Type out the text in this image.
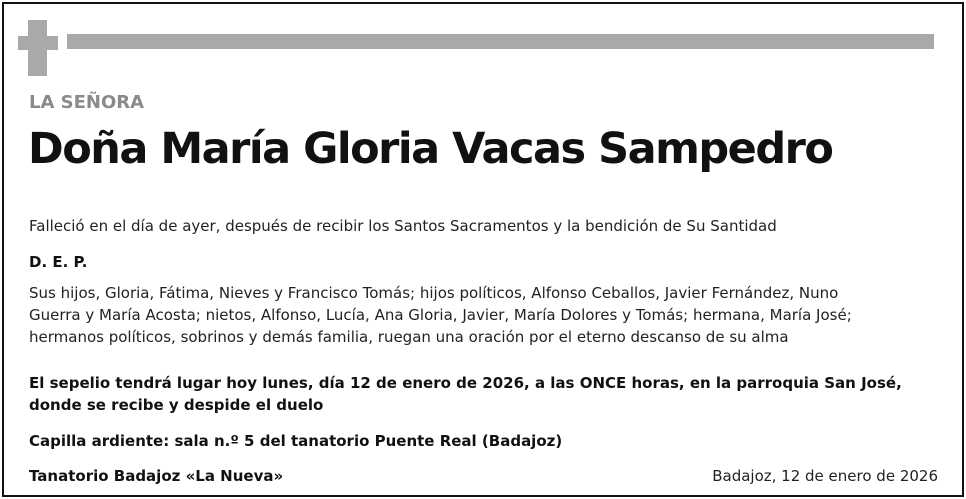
LA SEÑORA
Doña María Gloria Vacas Sampedro
Falleció en el día de ayer, después de recibir los Santos Sacramentos y la bendición de Su Santidad
D. E. P.
Sus hijos, Gloria, Fátima, Nieves y Francisco Tomás; hijos políticos, Alfonso Ceballos, Javier Fernández, Nuno
Guerra y María Acosta; nietos, Alfonso, Lucía, Ana Gloria, Javier, María Dolores y Tomás; hermana, María José;
hermanos políticos, sobrinos y demás familia, ruegan una oración por el eterno descanso de su alma
El sepelio tendrá lugar hoy lunes, día 12 de enero de 2026, a las ONCE horas, en la parroquia San José,
donde se recibe y despide el duelo
Capilla ardiente: sala n.º 5 del tanatorio Puente Real (Badajoz)
Tanatorio Badajoz «La Nueva»	Badajoz, 12 de enero de 2026
